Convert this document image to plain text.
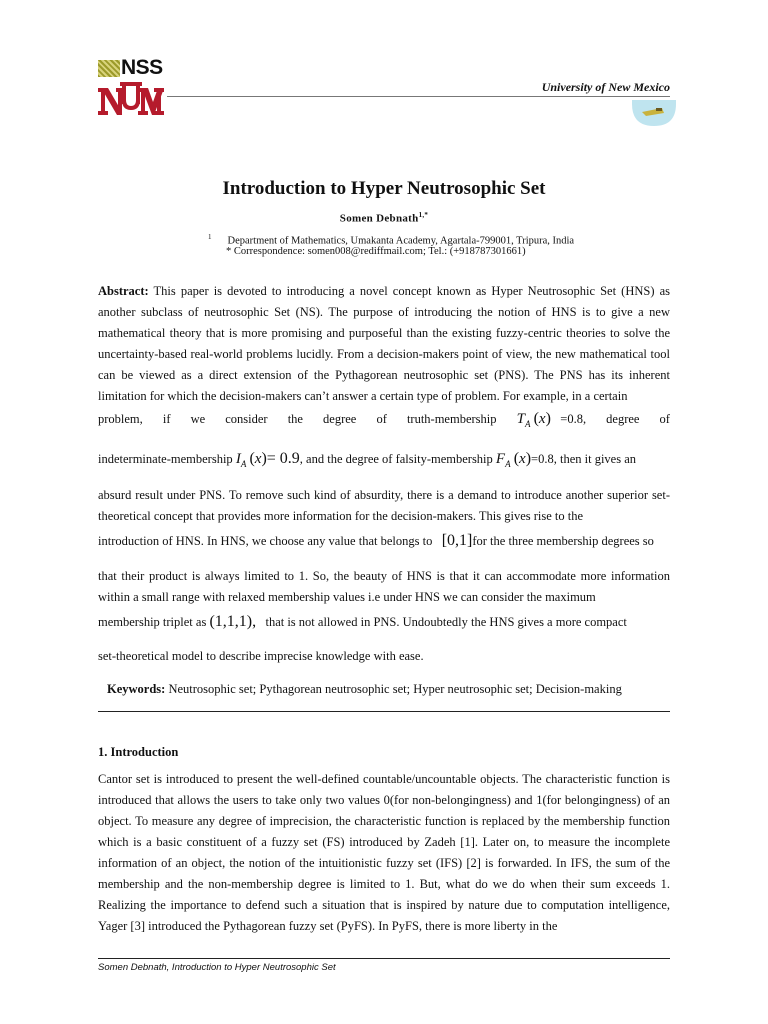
NSS
University of New Mexico
Introduction to Hyper Neutrosophic Set
Somen Debnath$^{1,*}$
$^1$ Department of Mathematics, Umakanta Academy, Agartala-799001, Tripura, India
* Correspondence: somen008@rediffmail.com; Tel.: (+918787301661)
Abstract: This paper is devoted to introducing a novel concept known as Hyper Neutrosophic Set (HNS) as another subclass of neutrosophic Set (NS). The purpose of introducing the notion of HNS is to give a new mathematical theory that is more promising and purposeful than the existing fuzzy-centric theories to solve the uncertainty-based real-world problems lucidly. From a decision-makers point of view, the new mathematical tool can be viewed as a direct extension of the Pythagorean neutrosophic set (PNS). The PNS has its inherent limitation for which the decision-makers can’t answer a certain type of problem. For example, in a certain
problem, if we consider the degree of truth-membership $T_A$ (x) =0.8, degree of
indeterminate-membership $I_A$ (x)= 0.9, and the degree of falsity-membership $F_A$ (x)=0.8, then it gives an
absurd result under PNS. To remove such kind of absurdity, there is a demand to introduce another superior set-theoretical concept that provides more information for the decision-makers. This gives rise to the
introduction of HNS. In HNS, we choose any value that belongs to [0,1]for the three membership degrees so
that their product is always limited to 1. So, the beauty of HNS is that it can accommodate more information within a small range with relaxed membership values i.e under HNS we can consider the maximum
membership triplet as (1,1,1), that is not allowed in PNS. Undoubtedly the HNS gives a more compact
set-theoretical model to describe imprecise knowledge with ease.
Keywords: Neutrosophic set; Pythagorean neutrosophic set; Hyper neutrosophic set; Decision-making
1. Introduction
Cantor set is introduced to present the well-defined countable/uncountable objects. The characteristic function is introduced that allows the users to take only two values 0(for non-belongingness) and 1(for belongingness) of an object. To measure any degree of imprecision, the characteristic function is replaced by the membership function which is a basic constituent of a fuzzy set (FS) introduced by Zadeh [1]. Later on, to measure the incomplete information of an object, the notion of the intuitionistic fuzzy set (IFS) [2] is forwarded. In IFS, the sum of the membership and the non-membership degree is limited to 1. But, what do we do when their sum exceeds 1. Realizing the importance to defend such a situation that is inspired by nature due to computation intelligence, Yager [3] introduced the Pythagorean fuzzy set (PyFS). In PyFS, there is more liberty in the
Somen Debnath, Introduction to Hyper Neutrosophic Set
